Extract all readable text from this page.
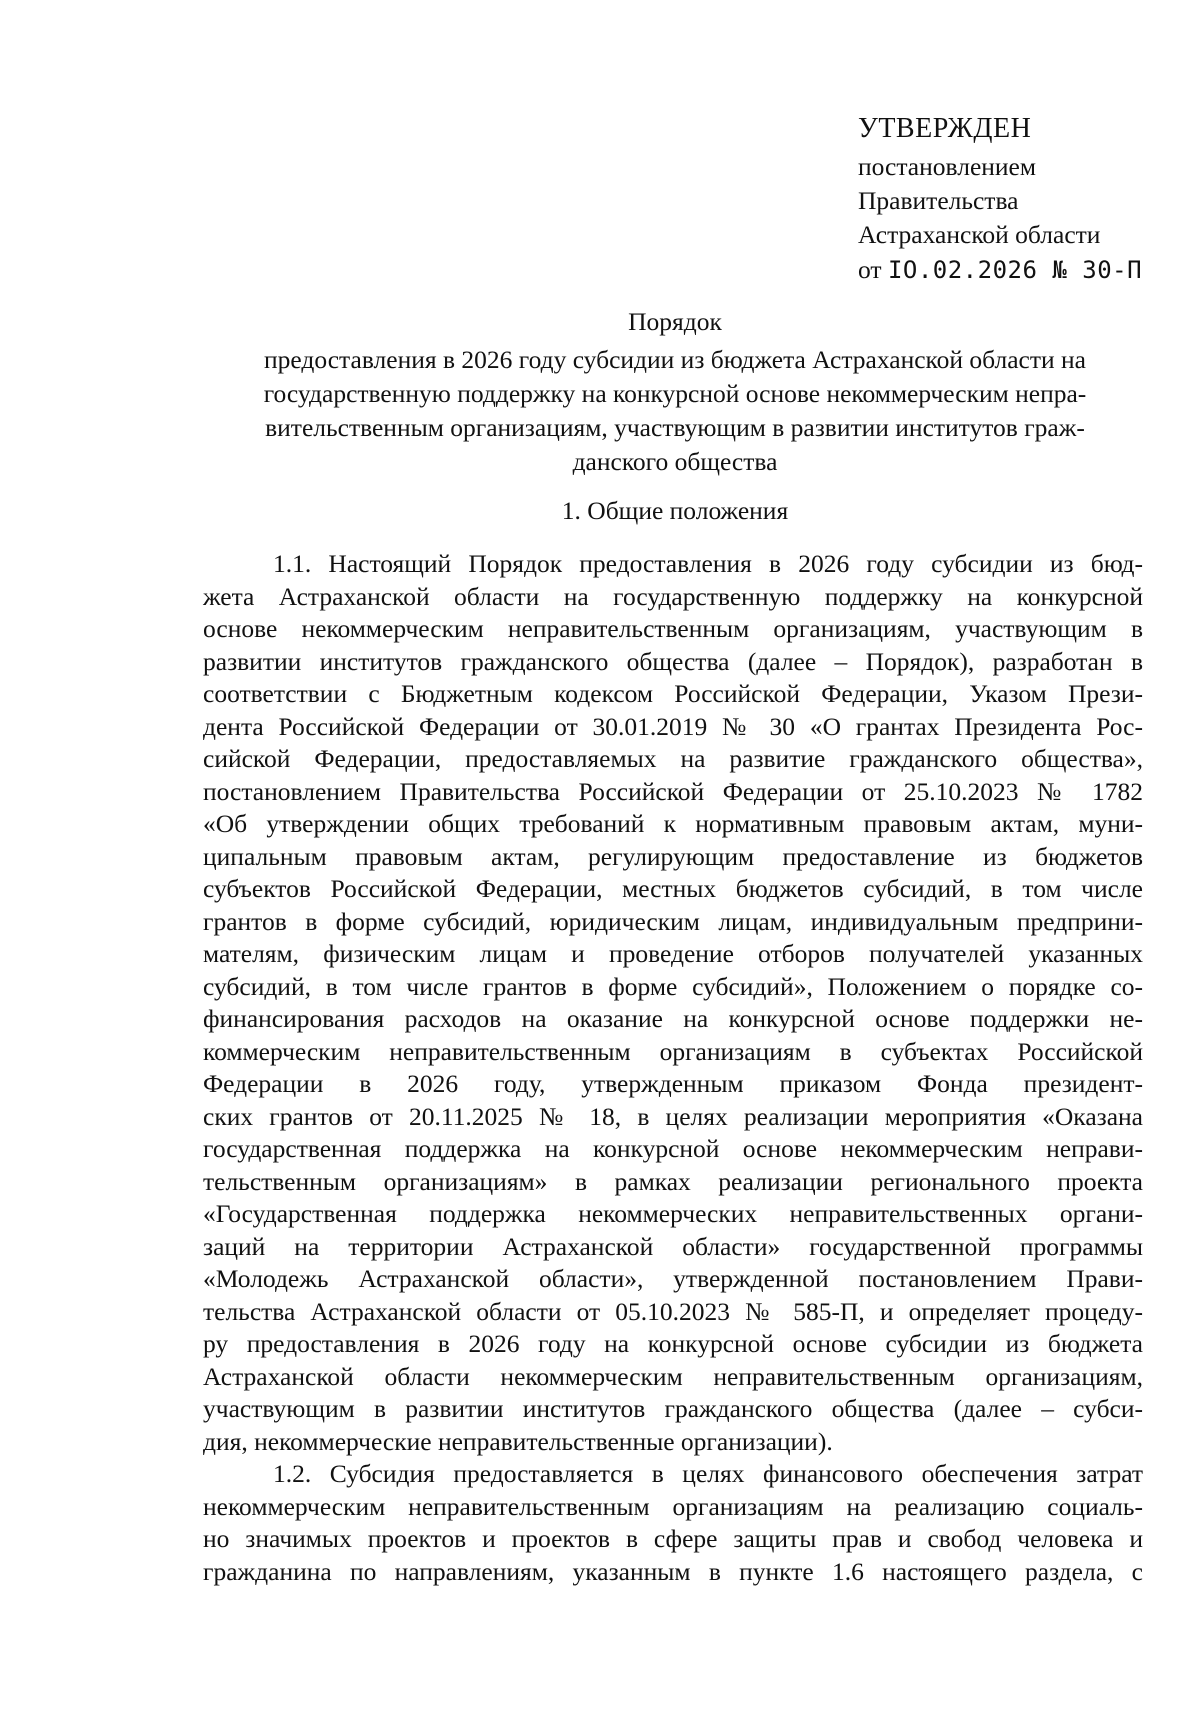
УТВЕРЖДЕН
постановлением
Правительства
Астраханской области
от IO.02.2026 № 30-П
Порядок
предоставления в 2026 году субсидии из бюджета Астраханской области на
государственную поддержку на конкурсной основе некоммерческим непра-
вительственным организациям, участвующим в развитии институтов граж-
данского общества
1. Общие положения
1.1. Настоящий Порядок предоставления в 2026 году субсидии из бюд-
жета Астраханской области на государственную поддержку на конкурсной
основе некоммерческим неправительственным организациям, участвующим в
развитии институтов гражданского общества (далее – Порядок), разработан в
соответствии с Бюджетным кодексом Российской Федерации, Указом Прези-
дента Российской Федерации от 30.01.2019 № 30 «О грантах Президента Рос-
сийской Федерации, предоставляемых на развитие гражданского общества»,
постановлением Правительства Российской Федерации от 25.10.2023 № 1782
«Об утверждении общих требований к нормативным правовым актам, муни-
ципальным правовым актам, регулирующим предоставление из бюджетов
субъектов Российской Федерации, местных бюджетов субсидий, в том числе
грантов в форме субсидий, юридическим лицам, индивидуальным предприни-
мателям, физическим лицам и проведение отборов получателей указанных
субсидий, в том числе грантов в форме субсидий», Положением о порядке со-
финансирования расходов на оказание на конкурсной основе поддержки не-
коммерческим неправительственным организациям в субъектах Российской
Федерации в 2026 году, утвержденным приказом Фонда президент-
ских грантов от 20.11.2025 № 18, в целях реализации мероприятия «Оказана
государственная поддержка на конкурсной основе некоммерческим неправи-
тельственным организациям» в рамках реализации регионального проекта
«Государственная поддержка некоммерческих неправительственных органи-
заций на территории Астраханской области» государственной программы
«Молодежь Астраханской области», утвержденной постановлением Прави-
тельства Астраханской области от 05.10.2023 № 585-П, и определяет процеду-
ру предоставления в 2026 году на конкурсной основе субсидии из бюджета
Астраханской области некоммерческим неправительственным организациям,
участвующим в развитии институтов гражданского общества (далее – субси-
дия, некоммерческие неправительственные организации).
1.2. Субсидия предоставляется в целях финансового обеспечения затрат
некоммерческим неправительственным организациям на реализацию социаль-
но значимых проектов и проектов в сфере защиты прав и свобод человека и
гражданина по направлениям, указанным в пункте 1.6 настоящего раздела, с
